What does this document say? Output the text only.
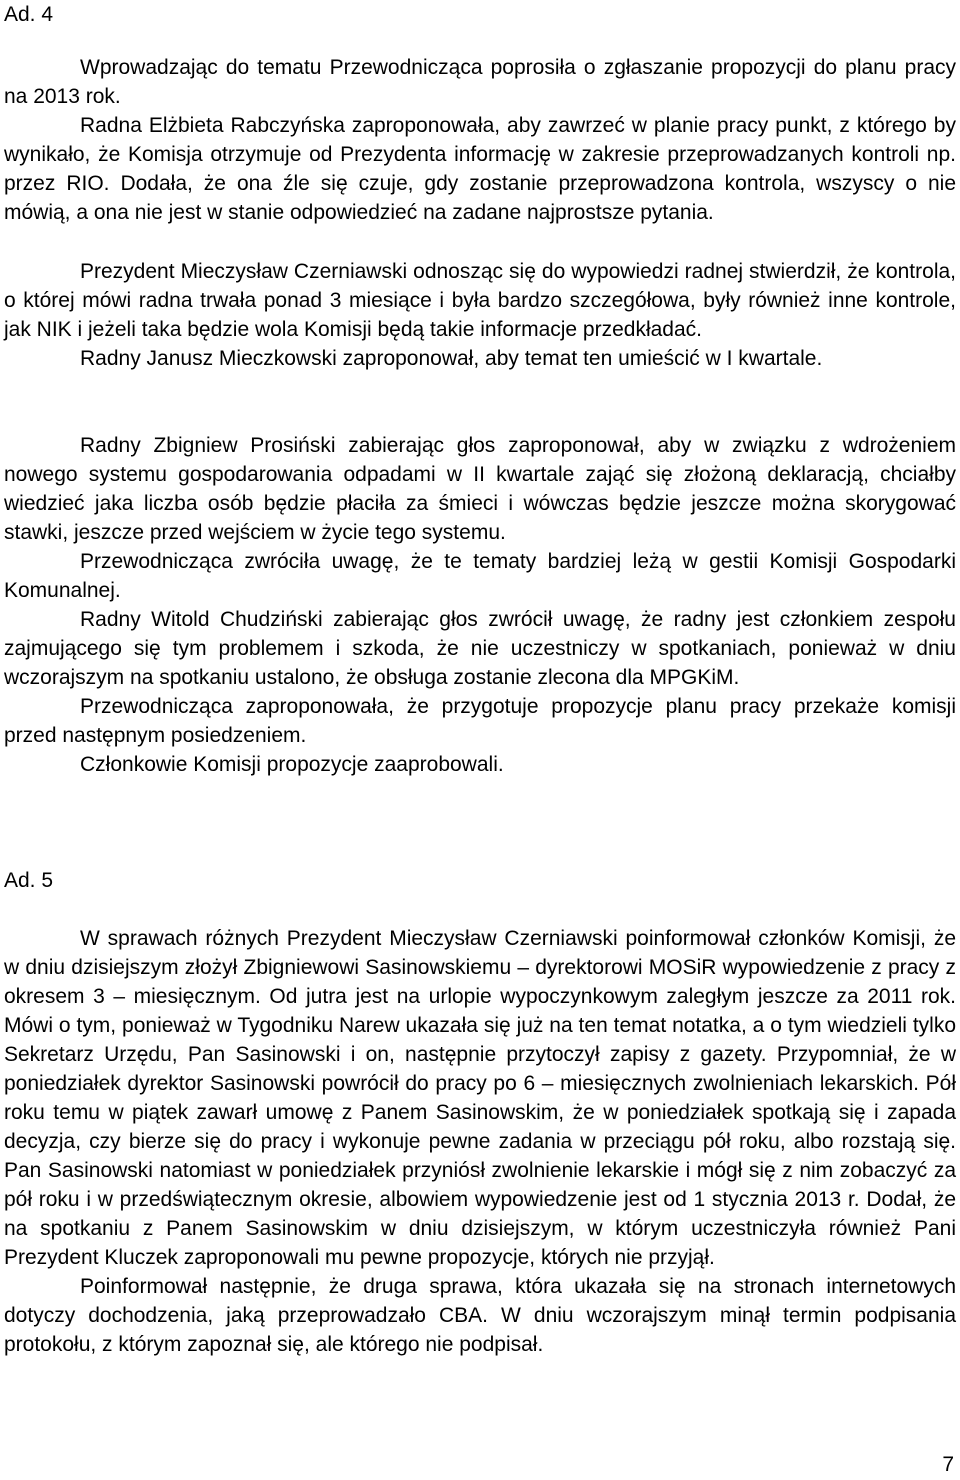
Ad. 4

Wprowadzając do tematu Przewodnicząca poprosiła o zgłaszanie propozycji do planu pracy na 2013 rok.

Radna Elżbieta Rabczyńska zaproponowała, aby zawrzeć w planie pracy punkt, z którego by wynikało, że Komisja otrzymuje od Prezydenta informację w zakresie przeprowadzanych kontroli np. przez RIO. Dodała, że ona źle się czuje, gdy zostanie przeprowadzona kontrola, wszyscy o nie mówią, a ona nie jest w stanie odpowiedzieć na zadane najprostsze pytania.

Prezydent Mieczysław Czerniawski odnosząc się do wypowiedzi radnej stwierdził, że kontrola, o której mówi radna trwała ponad 3 miesiące i była bardzo szczegółowa, były również inne kontrole, jak NIK i jeżeli taka będzie wola Komisji będą takie informacje przedkładać.

Radny Janusz Mieczkowski zaproponował, aby temat ten umieścić w I kwartale.

Radny Zbigniew Prosiński zabierając głos zaproponował, aby w związku z wdrożeniem nowego systemu gospodarowania odpadami w II kwartale zająć się złożoną deklaracją, chciałby wiedzieć jaka liczba osób będzie płaciła za śmieci i wówczas będzie jeszcze można skorygować stawki, jeszcze przed wejściem w życie tego systemu.

Przewodnicząca zwróciła uwagę, że te tematy bardziej leżą w gestii Komisji Gospodarki Komunalnej.

Radny Witold Chudziński zabierając głos zwrócił uwagę, że radny jest członkiem zespołu zajmującego się tym problemem i szkoda, że nie uczestniczy w spotkaniach, ponieważ w dniu wczorajszym na spotkaniu ustalono, że obsługa zostanie zlecona dla MPGKiM.

Przewodnicząca zaproponowała, że przygotuje propozycje planu pracy przekaże komisji przed następnym posiedzeniem.

Członkowie Komisji propozycje zaaprobowali.

Ad. 5

W sprawach różnych Prezydent Mieczysław Czerniawski poinformował członków Komisji, że w dniu dzisiejszym złożył Zbigniewowi Sasinowskiemu – dyrektorowi MOSiR wypowiedzenie z pracy z okresem 3 – miesięcznym. Od jutra jest na urlopie wypoczynkowym zaległym jeszcze za 2011 rok. Mówi o tym, ponieważ w Tygodniku Narew ukazała się już na ten temat notatka, a o tym wiedzieli tylko Sekretarz Urzędu, Pan Sasinowski i on, następnie przytoczył zapisy z gazety. Przypomniał, że w poniedziałek dyrektor Sasinowski powrócił do pracy po 6 – miesięcznych zwolnieniach lekarskich. Pół roku temu w piątek zawarł umowę z Panem Sasinowskim, że w poniedziałek spotkają się i zapada decyzja, czy bierze się do pracy i wykonuje pewne zadania w przeciągu pół roku, albo rozstają się. Pan Sasinowski natomiast w poniedziałek przyniósł zwolnienie lekarskie i mógł się z nim zobaczyć za pół roku i w przedświątecznym okresie, albowiem wypowiedzenie jest od 1 stycznia 2013 r. Dodał, że na spotkaniu z Panem Sasinowskim w dniu dzisiejszym, w którym uczestniczyła również Pani Prezydent Kluczek zaproponowali mu pewne propozycje, których nie przyjął.

Poinformował następnie, że druga sprawa, która ukazała się na stronach internetowych dotyczy dochodzenia, jaką przeprowadzało CBA. W dniu wczorajszym minął termin podpisania protokołu, z którym zapoznał się, ale którego nie podpisał.

7
